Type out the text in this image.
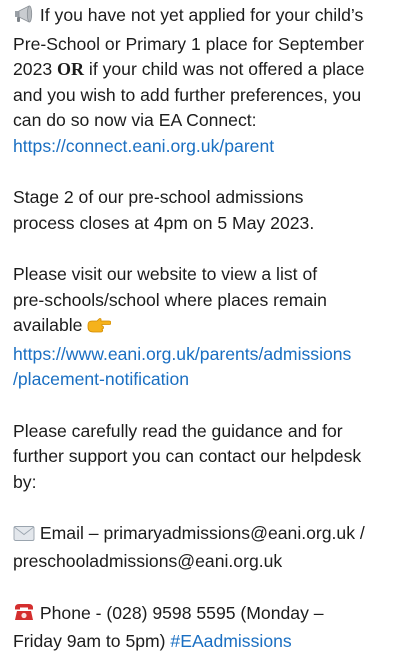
If you have not yet applied for your child’s
Pre-School or Primary 1 place for September
2023 OR if your child was not offered a place
and you wish to add further preferences, you
can do so now via EA Connect:
https://connect.eani.org.uk/parent
Stage 2 of our pre-school admissions
process closes at 4pm on 5 May 2023.
Please visit our website to view a list of
pre-schools/school where places remain
available
https://www.eani.org.uk/parents/admissions
/placement-notification
Please carefully read the guidance and for
further support you can contact our helpdesk
by:
Email – primaryadmissions@eani.org.uk /
preschooladmissions@eani.org.uk
Phone - (028) 9598 5595 (Monday –
Friday 9am to 5pm) #EAadmissions
